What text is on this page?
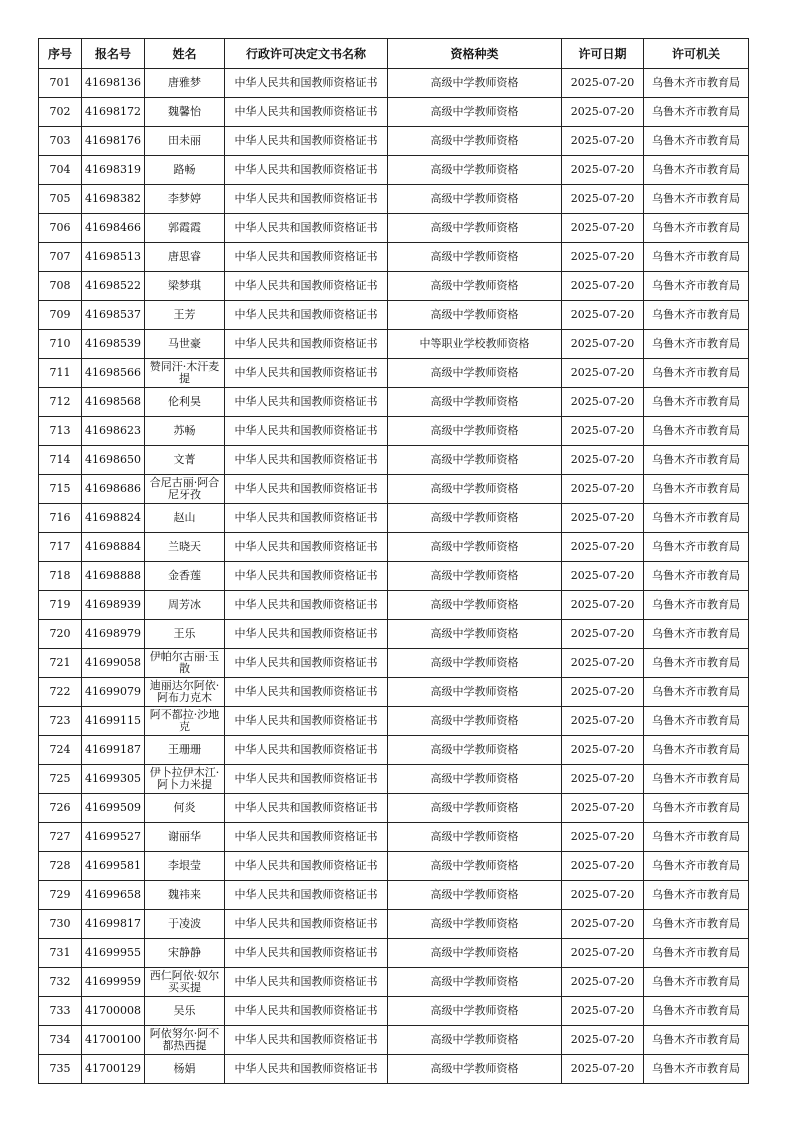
序号	报名号	姓名	行政许可决定文书名称	资格种类	许可日期	许可机关
701	41698136	唐雅梦	中华人民共和国教师资格证书	高级中学教师资格	2025-07-20	乌鲁木齐市教育局
702	41698172	魏馨怡	中华人民共和国教师资格证书	高级中学教师资格	2025-07-20	乌鲁木齐市教育局
703	41698176	田未丽	中华人民共和国教师资格证书	高级中学教师资格	2025-07-20	乌鲁木齐市教育局
704	41698319	路畅	中华人民共和国教师资格证书	高级中学教师资格	2025-07-20	乌鲁木齐市教育局
705	41698382	李梦婷	中华人民共和国教师资格证书	高级中学教师资格	2025-07-20	乌鲁木齐市教育局
706	41698466	郭霞霞	中华人民共和国教师资格证书	高级中学教师资格	2025-07-20	乌鲁木齐市教育局
707	41698513	唐思睿	中华人民共和国教师资格证书	高级中学教师资格	2025-07-20	乌鲁木齐市教育局
708	41698522	梁梦琪	中华人民共和国教师资格证书	高级中学教师资格	2025-07-20	乌鲁木齐市教育局
709	41698537	王芳	中华人民共和国教师资格证书	高级中学教师资格	2025-07-20	乌鲁木齐市教育局
710	41698539	马世豪	中华人民共和国教师资格证书	中等职业学校教师资格	2025-07-20	乌鲁木齐市教育局
711	41698566	赞同汗·木汗麦提	中华人民共和国教师资格证书	高级中学教师资格	2025-07-20	乌鲁木齐市教育局
712	41698568	伦利昊	中华人民共和国教师资格证书	高级中学教师资格	2025-07-20	乌鲁木齐市教育局
713	41698623	苏畅	中华人民共和国教师资格证书	高级中学教师资格	2025-07-20	乌鲁木齐市教育局
714	41698650	文菁	中华人民共和国教师资格证书	高级中学教师资格	2025-07-20	乌鲁木齐市教育局
715	41698686	合尼古丽·阿合尼牙孜	中华人民共和国教师资格证书	高级中学教师资格	2025-07-20	乌鲁木齐市教育局
716	41698824	赵山	中华人民共和国教师资格证书	高级中学教师资格	2025-07-20	乌鲁木齐市教育局
717	41698884	兰晓天	中华人民共和国教师资格证书	高级中学教师资格	2025-07-20	乌鲁木齐市教育局
718	41698888	金香莲	中华人民共和国教师资格证书	高级中学教师资格	2025-07-20	乌鲁木齐市教育局
719	41698939	周芳冰	中华人民共和国教师资格证书	高级中学教师资格	2025-07-20	乌鲁木齐市教育局
720	41698979	王乐	中华人民共和国教师资格证书	高级中学教师资格	2025-07-20	乌鲁木齐市教育局
721	41699058	伊帕尔古丽·玉散	中华人民共和国教师资格证书	高级中学教师资格	2025-07-20	乌鲁木齐市教育局
722	41699079	迪丽达尔阿依·阿布力克木	中华人民共和国教师资格证书	高级中学教师资格	2025-07-20	乌鲁木齐市教育局
723	41699115	阿不都拉·沙地克	中华人民共和国教师资格证书	高级中学教师资格	2025-07-20	乌鲁木齐市教育局
724	41699187	王珊珊	中华人民共和国教师资格证书	高级中学教师资格	2025-07-20	乌鲁木齐市教育局
725	41699305	伊卜拉伊木江·阿卜力米提	中华人民共和国教师资格证书	高级中学教师资格	2025-07-20	乌鲁木齐市教育局
726	41699509	何炎	中华人民共和国教师资格证书	高级中学教师资格	2025-07-20	乌鲁木齐市教育局
727	41699527	谢丽华	中华人民共和国教师资格证书	高级中学教师资格	2025-07-20	乌鲁木齐市教育局
728	41699581	李垠莹	中华人民共和国教师资格证书	高级中学教师资格	2025-07-20	乌鲁木齐市教育局
729	41699658	魏祎来	中华人民共和国教师资格证书	高级中学教师资格	2025-07-20	乌鲁木齐市教育局
730	41699817	于凌波	中华人民共和国教师资格证书	高级中学教师资格	2025-07-20	乌鲁木齐市教育局
731	41699955	宋静静	中华人民共和国教师资格证书	高级中学教师资格	2025-07-20	乌鲁木齐市教育局
732	41699959	西仁阿依·奴尔买买提	中华人民共和国教师资格证书	高级中学教师资格	2025-07-20	乌鲁木齐市教育局
733	41700008	吴乐	中华人民共和国教师资格证书	高级中学教师资格	2025-07-20	乌鲁木齐市教育局
734	41700100	阿依努尔·阿不都热西提	中华人民共和国教师资格证书	高级中学教师资格	2025-07-20	乌鲁木齐市教育局
735	41700129	杨娟	中华人民共和国教师资格证书	高级中学教师资格	2025-07-20	乌鲁木齐市教育局
